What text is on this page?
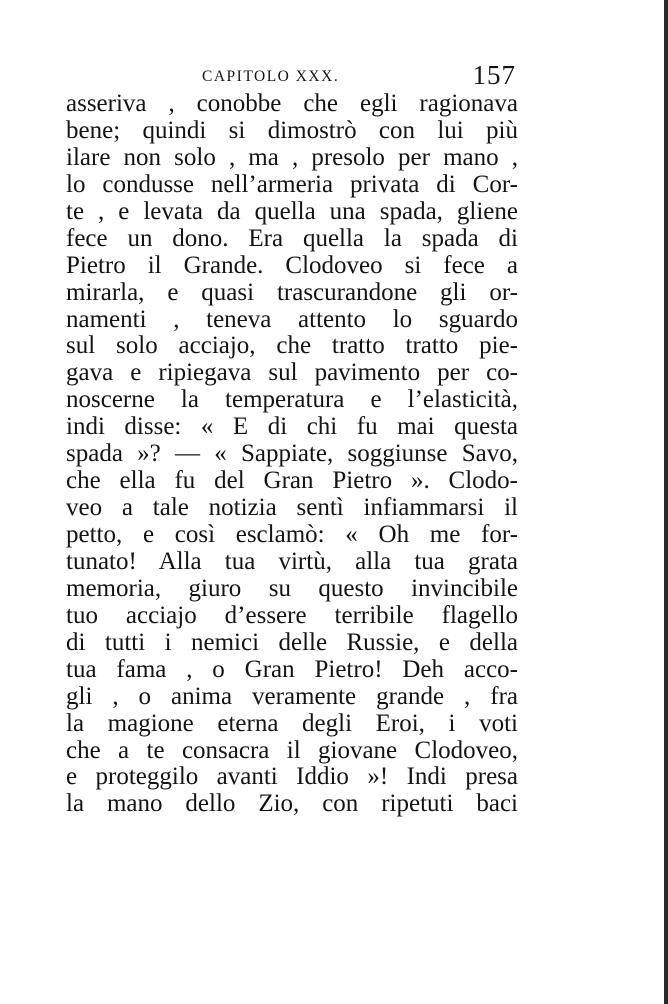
CAPITOLO XXX.	157
asseriva , conobbe che egli ragionava
bene; quindi si dimostrò con lui più
ilare non solo , ma , presolo per mano ,
lo condusse nell’armeria privata di Cor-
te , e levata da quella una spada, gliene
fece un dono. Era quella la spada di
Pietro il Grande. Clodoveo si fece a
mirarla, e quasi trascurandone gli or-
namenti , teneva attento lo sguardo
sul solo acciajo, che tratto tratto pie-
gava e ripiegava sul pavimento per co-
noscerne la temperatura e l’elasticità,
indi disse: « E di chi fu mai questa
spada »? — « Sappiate, soggiunse Savo,
che ella fu del Gran Pietro ». Clodo-
veo a tale notizia sentì infiammarsi il
petto, e così esclamò: « Oh me for-
tunato! Alla tua virtù, alla tua grata
memoria, giuro su questo invincibile
tuo acciajo d’essere terribile flagello
di tutti i nemici delle Russie, e della
tua fama , o Gran Pietro! Deh acco-
gli , o anima veramente grande , fra
la magione eterna degli Eroi, i voti
che a te consacra il giovane Clodoveo,
e proteggilo avanti Iddio »! Indi presa
la mano dello Zio, con ripetuti baci
